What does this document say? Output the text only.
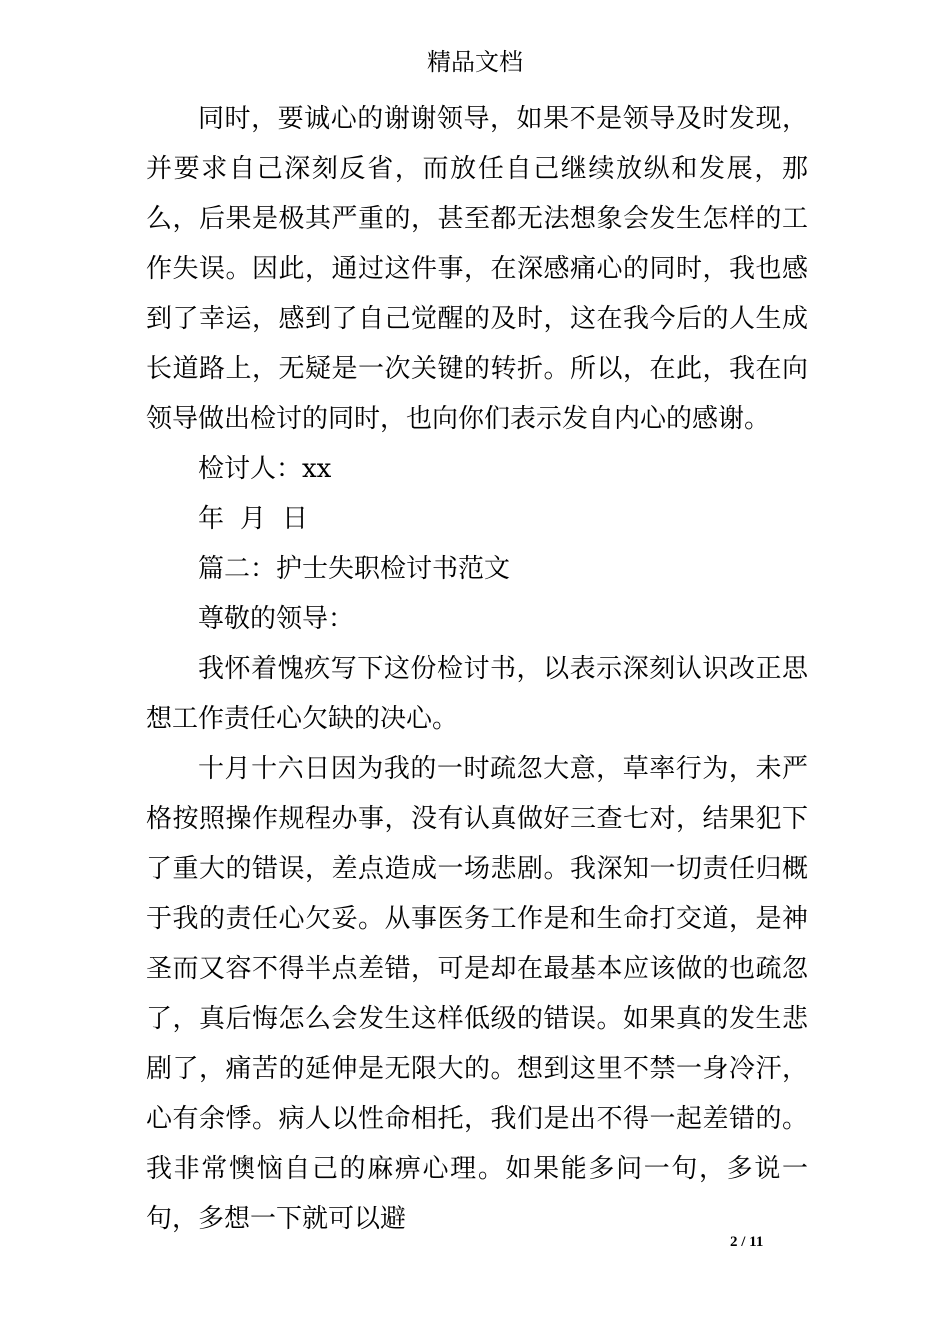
精品文档

同时，要诚心的谢谢领导，如果不是领导及时发现，并要求自己深刻反省，而放任自己继续放纵和发展，那么，后果是极其严重的，甚至都无法想象会发生怎样的工作失误。因此，通过这件事，在深感痛心的同时，我也感到了幸运，感到了自己觉醒的及时，这在我今后的人生成长道路上，无疑是一次关键的转折。所以，在此，我在向领导做出检讨的同时，也向你们表示发自内心的感谢。

检讨人：xx

年 月 日

篇二：护士失职检讨书范文

尊敬的领导：

我怀着愧疚写下这份检讨书，以表示深刻认识改正思想工作责任心欠缺的决心。

十月十六日因为我的一时疏忽大意，草率行为，未严格按照操作规程办事，没有认真做好三查七对，结果犯下了重大的错误，差点造成一场悲剧。我深知一切责任归概于我的责任心欠妥。从事医务工作是和生命打交道，是神圣而又容不得半点差错，可是却在最基本应该做的也疏忽了，真后悔怎么会发生这样低级的错误。如果真的发生悲剧了，痛苦的延伸是无限大的。想到这里不禁一身冷汗，心有余悸。病人以性命相托，我们是出不得一起差错的。我非常懊恼自己的麻痹心理。如果能多问一句，多说一句，多想一下就可以避

2 / 11
